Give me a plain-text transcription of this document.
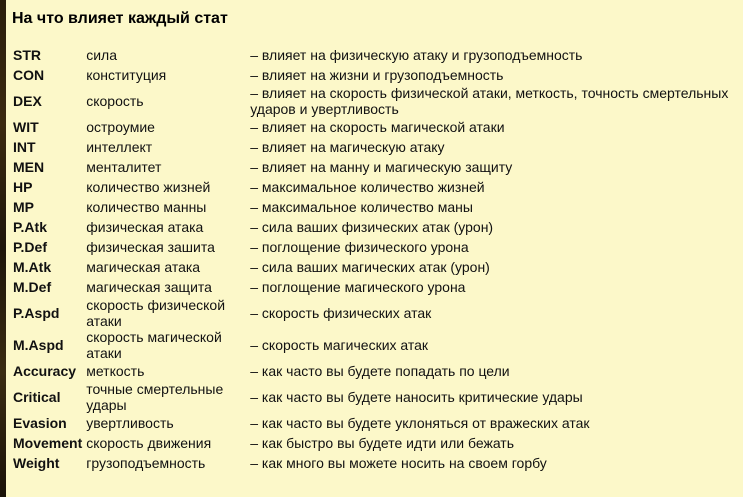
На что влияет каждый стат
STR	сила	– влияет на физическую атаку и грузоподъемность
CON	конституция	– влияет на жизни и грузоподъемность
DEX	скорость	– влияет на скорость физической атаки, меткость, точность смертельных ударов и увертливость
WIT	остроумие	– влияет на скорость магической атаки
INT	интеллект	– влияет на магическую атаку
MEN	менталитет	– влияет на манну и магическую защиту
HP	количество жизней	– максимальное количество жизней
MP	количество манны	– максимальное количество маны
P.Atk	физическая атака	– сила ваших физических атак (урон)
P.Def	физическая зашита	– поглощение физического урона
M.Atk	магическая атака	– сила ваших магических атак (урон)
M.Def	магическая защита	– поглощение магического урона
P.Aspd	скорость физической атаки	– скорость физических атак
M.Aspd	скорость магической атаки	– скорость магических атак
Accuracy	меткость	– как часто вы будете попадать по цели
Critical	точные смертельные удары	– как часто вы будете наносить критические удары
Evasion	увертливость	– как часто вы будете уклоняться от вражеских атак
Movement	скорость движения	– как быстро вы будете идти или бежать
Weight	грузоподъемность	– как много вы можете носить на своем горбу
